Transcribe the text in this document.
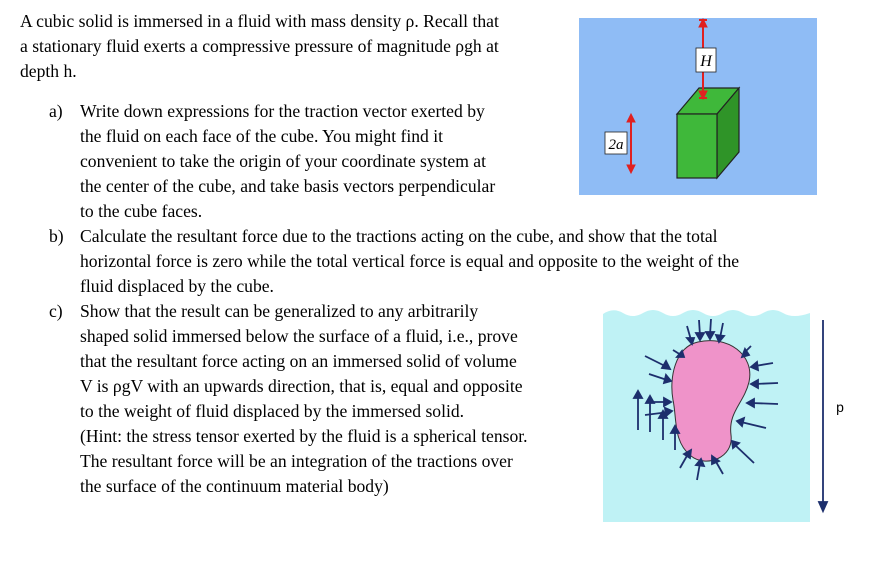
A cubic solid is immersed in a fluid with mass density ρ. Recall that
a stationary fluid exerts a compressive pressure of magnitude ρgh at
depth h.
a) Write down expressions for the traction vector exerted by
the fluid on each face of the cube. You might find it
convenient to take the origin of your coordinate system at
the center of the cube, and take basis vectors perpendicular
to the cube faces.
b) Calculate the resultant force due to the tractions acting on the cube, and show that the total
horizontal force is zero while the total vertical force is equal and opposite to the weight of the
fluid displaced by the cube.
c) Show that the result can be generalized to any arbitrarily
shaped solid immersed below the surface of a fluid, i.e., prove
that the resultant force acting on an immersed solid of volume
V is ρgV with an upwards direction, that is, equal and opposite
to the weight of fluid displaced by the immersed solid.
(Hint: the stress tensor exerted by the fluid is a spherical tensor.
The resultant force will be an integration of the tractions over
the surface of the continuum material body)
H
2a
p
